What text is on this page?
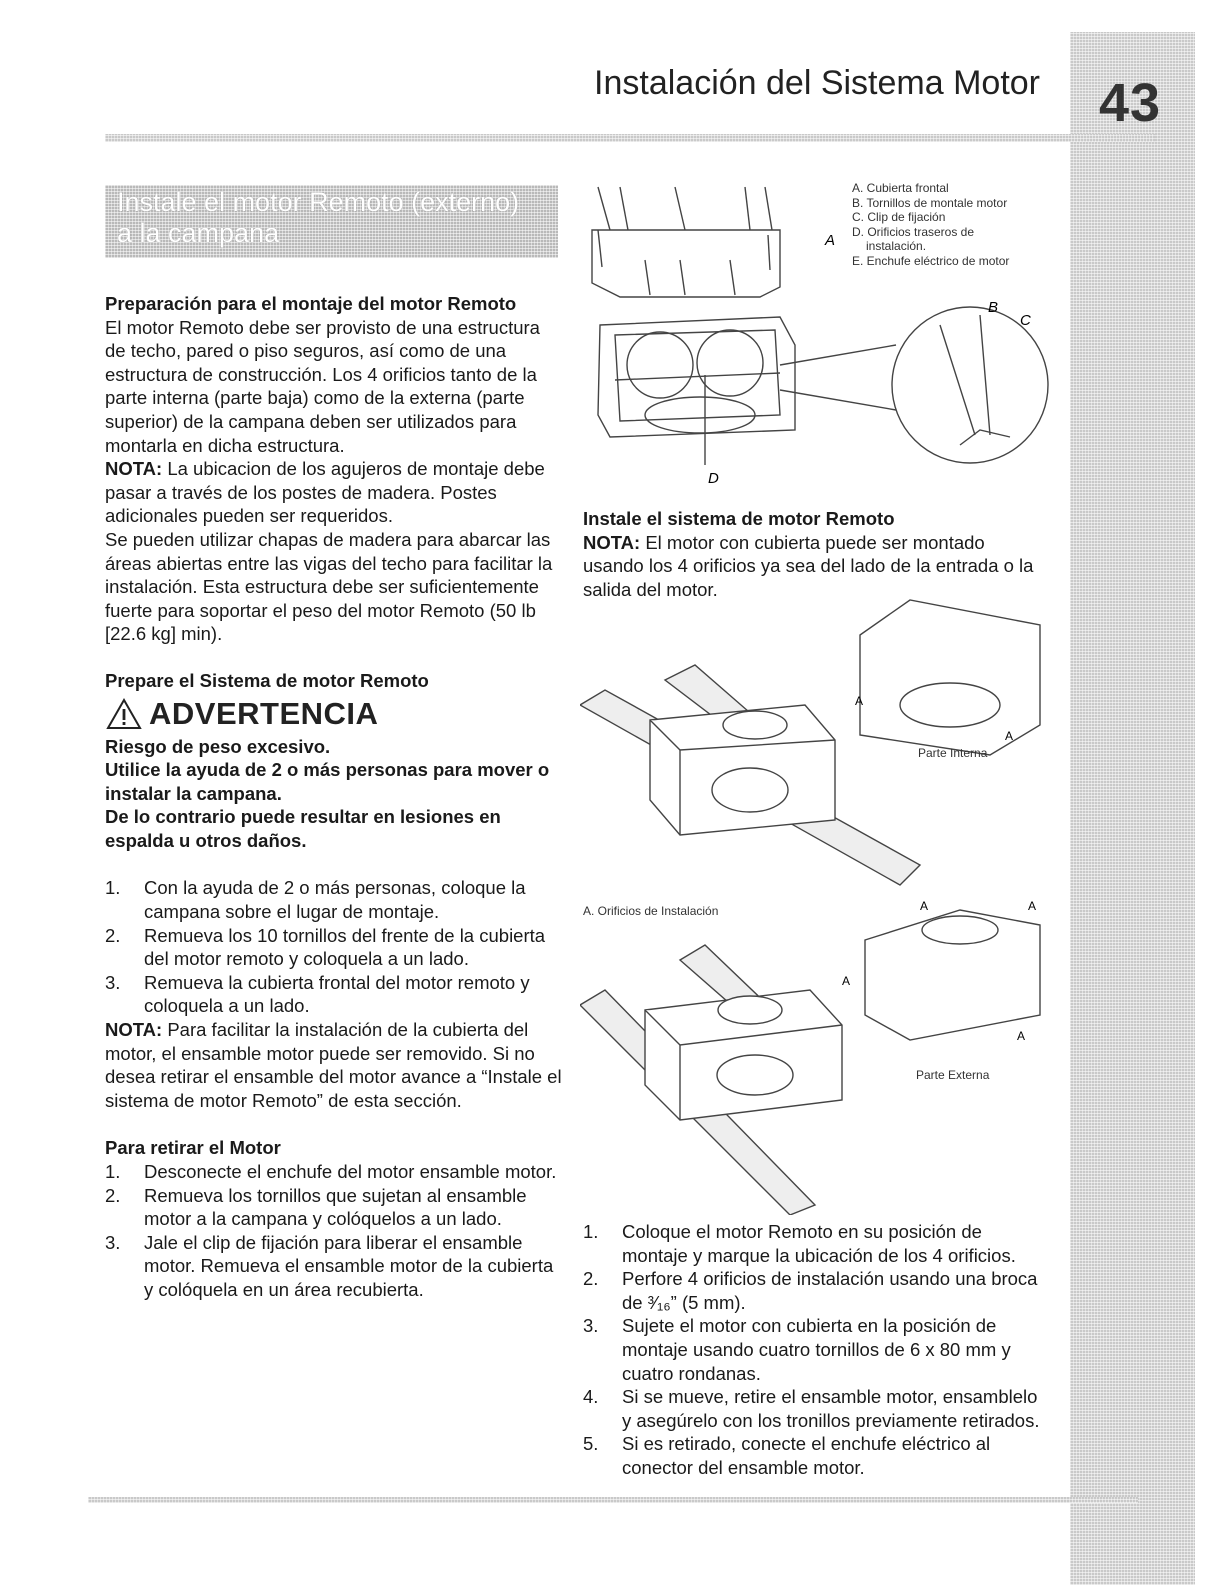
43
Instalación del Sistema Motor
Instale el motor Remoto (externo)
a la campana

Preparación para el montaje del motor Remoto

El motor Remoto debe ser provisto de una estructura de techo, pared o piso seguros, así como de una estructura de construcción. Los 4 orificios tanto de la parte interna (parte baja) como de la externa (parte superior) de la campana deben ser utilizados para montarla en dicha estructura.

NOTA: La ubicacion de los agujeros de montaje debe pasar a través de los postes de madera. Postes adicionales pueden ser requeridos.

Se pueden utilizar chapas de madera para abarcar las áreas abiertas entre las vigas del techo para facilitar la instalación. Esta estructura debe ser suficientemente fuerte para soportar el peso del motor Remoto (50 lb [22.6 kg] min).

Prepare el Sistema de motor Remoto

ADVERTENCIA

Riesgo de peso excesivo.

Utilice la ayuda de 2 o más personas para mover o instalar la campana.

De lo contrario puede resultar en lesiones en espalda u otros daños.

1. Con la ayuda de 2 o más personas, coloque la campana sobre el lugar de montaje.
2. Remueva los 10 tornillos del frente de la cubierta del motor remoto y coloquela a un lado.
3. Remueva la cubierta frontal del motor remoto y coloquela a un lado.

NOTA: Para facilitar la instalación de la cubierta del motor, el ensamble motor puede ser removido. Si no desea retirar el ensamble del motor avance a “Instale el sistema de motor Remoto” de esta sección.

Para retirar el Motor

1. Desconecte el enchufe del motor ensamble motor.
2. Remueva los tornillos que sujetan al ensamble motor a la campana y colóquelos a un lado.
3. Jale el clip de fijación para liberar el ensamble motor. Remueva el ensamble motor de la cubierta y colóquela en un área recubierta.
A
B
C
D
A. Cubierta frontal
B. Tornillos de montale motor
C. Clip de fijación
D. Orificios traseros de
instalación.
E. Enchufe eléctrico de motor

Instale el sistema de motor Remoto

NOTA: El motor con cubierta puede ser montado usando los 4 orificios ya sea del lado de la entrada o la salida del motor.

A
A
A	A
A
A
Parte Interna
A. Orificios de Instalación
Parte Externa
1. Coloque el motor Remoto en su posición de montaje y marque la ubicación de los 4 orificios.
2. Perfore 4 orificios de instalación usando una broca de ³⁄₁₆” (5 mm).
3. Sujete el motor con cubierta en la posición de montaje usando cuatro tornillos de 6 x 80 mm y cuatro rondanas.
4. Si se mueve, retire el ensamble motor, ensamblelo y asegúrelo con los tronillos previamente retirados.
5. Si es retirado, conecte el enchufe eléctrico al conector del ensamble motor.
